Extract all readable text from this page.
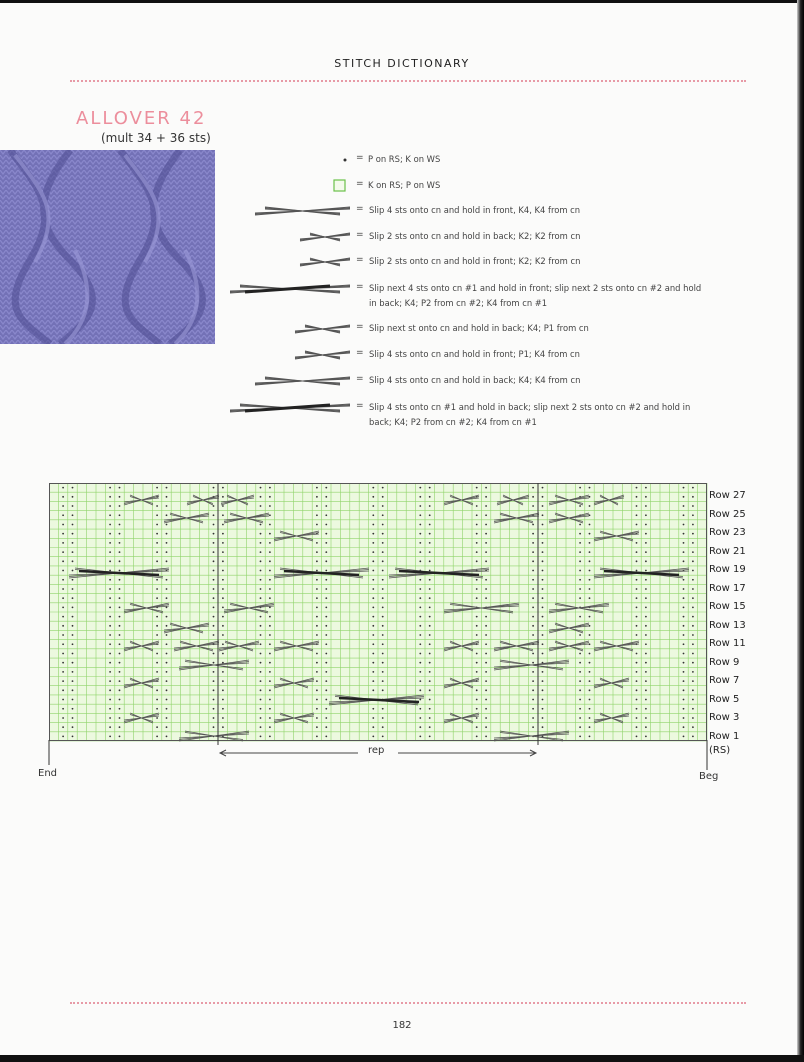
STITCH DICTIONARY
ALLOVER 42
(mult 34 + 36 sts)
= P on RS; K on WS
= K on RS; P on WS
= Slip 4 sts onto cn and hold in front, K4, K4 from cn
= Slip 2 sts onto cn and hold in back; K2; K2 from cn
= Slip 2 sts onto cn and hold in front; K2; K2 from cn
= Slip next 4 sts onto cn #1 and hold in front; slip next 2 sts onto cn #2 and hold in back; K4; P2 from cn #2; K4 from cn #1
= Slip next st onto cn and hold in back; K4; P1 from cn
= Slip 4 sts onto cn and hold in front; P1; K4 from cn
= Slip 4 sts onto cn and hold in back; K4; K4 from cn
= Slip 4 sts onto cn #1 and hold in back; slip next 2 sts onto cn #2 and hold in back; K4; P2 from cn #2; K4 from cn #1
Row 27
Row 25
Row 23
Row 21
Row 19
Row 17
Row 15
Row 13
Row 11
Row 9
Row 7
Row 5
Row 3
Row 1
(RS)
End	Beg
rep
182
